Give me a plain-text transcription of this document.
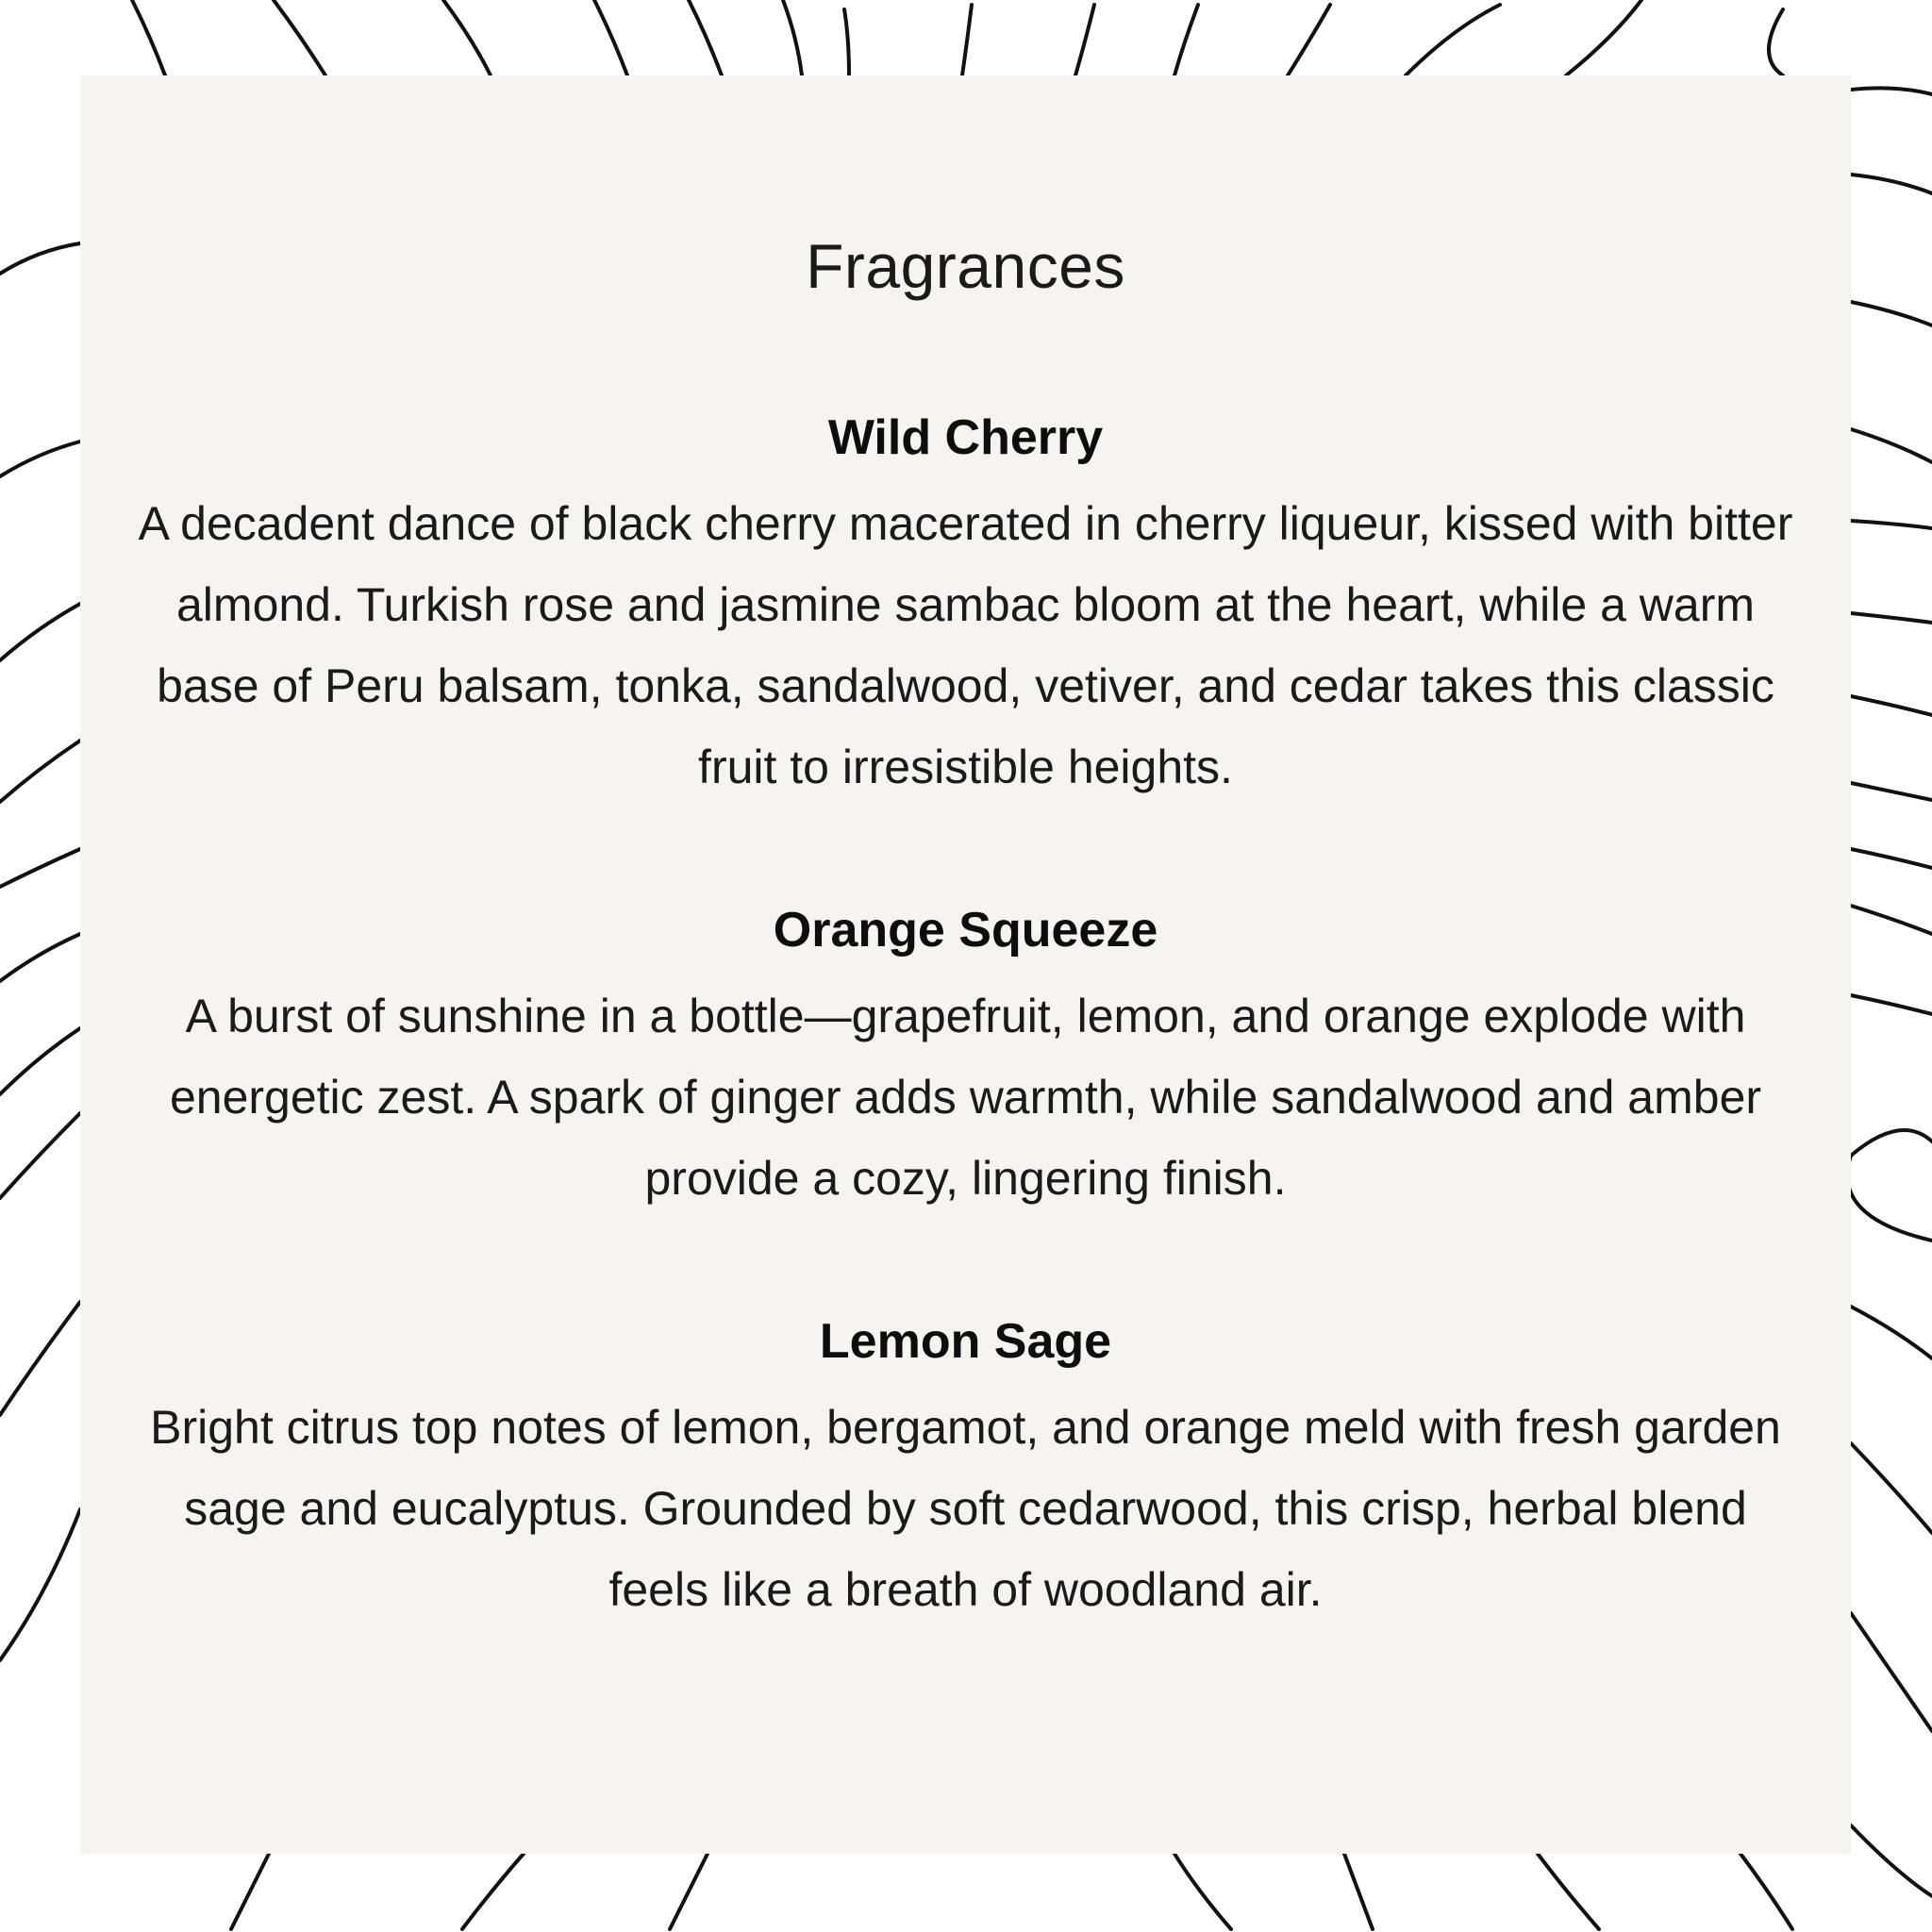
Fragrances
Wild Cherry

A decadent dance of black cherry macerated in cherry liqueur, kissed with bitter almond. Turkish rose and jasmine sambac bloom at the heart, while a warm base of Peru balsam, tonka, sandalwood, vetiver, and cedar takes this classic fruit to irresistible heights.

Orange Squeeze

A burst of sunshine in a bottle—grapefruit, lemon, and orange explode with energetic zest. A spark of ginger adds warmth, while sandalwood and amber provide a cozy, lingering finish.

Lemon Sage

Bright citrus top notes of lemon, bergamot, and orange meld with fresh garden sage and eucalyptus. Grounded by soft cedarwood, this crisp, herbal blend feels like a breath of woodland air.
